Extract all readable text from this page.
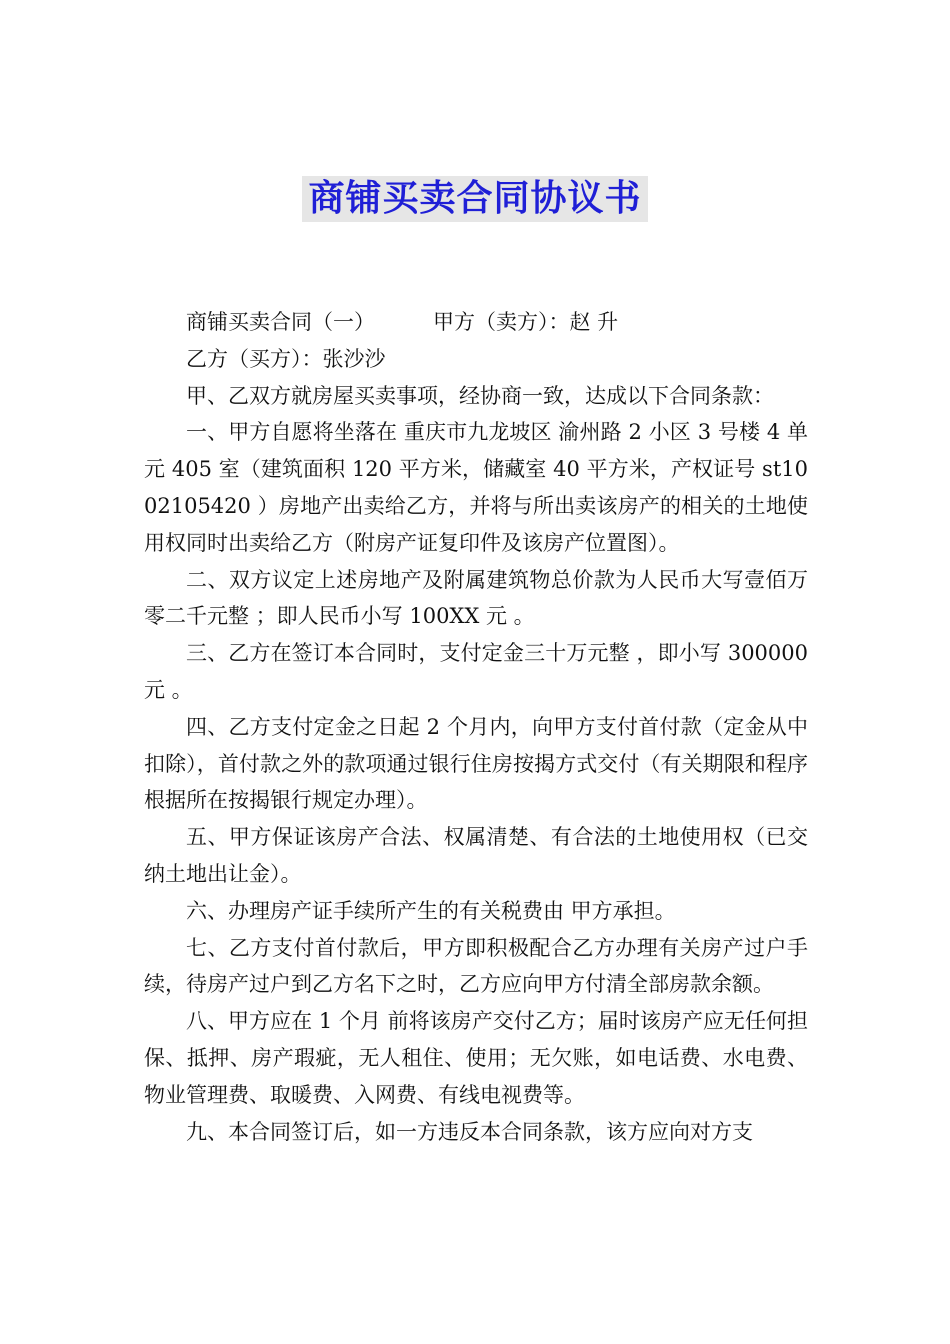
商铺买卖合同协议书

商铺买卖合同（一）	甲方（卖方）：赵 升

乙方（买方）：张沙沙

甲、乙双方就房屋买卖事项，经协商一致，达成以下合同条款：

一、甲方自愿将坐落在 重庆市九龙坡区 渝州路 2 小区 3 号楼 4 单元 405 室（建筑面积 120 平方米，储藏室 40 平方米，产权证号 st1002105420 ）房地产出卖给乙方，并将与所出卖该房产的相关的土地使用权同时出卖给乙方（附房产证复印件及该房产位置图）。

二、双方议定上述房地产及附属建筑物总价款为人民币大写壹佰万零二千元整 ；即人民币小写 100XX 元 。

三、乙方在签订本合同时，支付定金三十万元整 ，即小写 300000 元 。

四、乙方支付定金之日起 2 个月内，向甲方支付首付款（定金从中扣除），首付款之外的款项通过银行住房按揭方式交付（有关期限和程序根据所在按揭银行规定办理）。

五、甲方保证该房产合法、权属清楚、有合法的土地使用权（已交纳土地出让金）。

六、办理房产证手续所产生的有关税费由 甲方承担。

七、乙方支付首付款后，甲方即积极配合乙方办理有关房产过户手续，待房产过户到乙方名下之时，乙方应向甲方付清全部房款余额。

八、甲方应在 1 个月 前将该房产交付乙方；届时该房产应无任何担保、抵押、房产瑕疵，无人租住、使用；无欠账，如电话费、水电费、物业管理费、取暖费、入网费、有线电视费等。

九、本合同签订后，如一方违反本合同条款，该方应向对方支
